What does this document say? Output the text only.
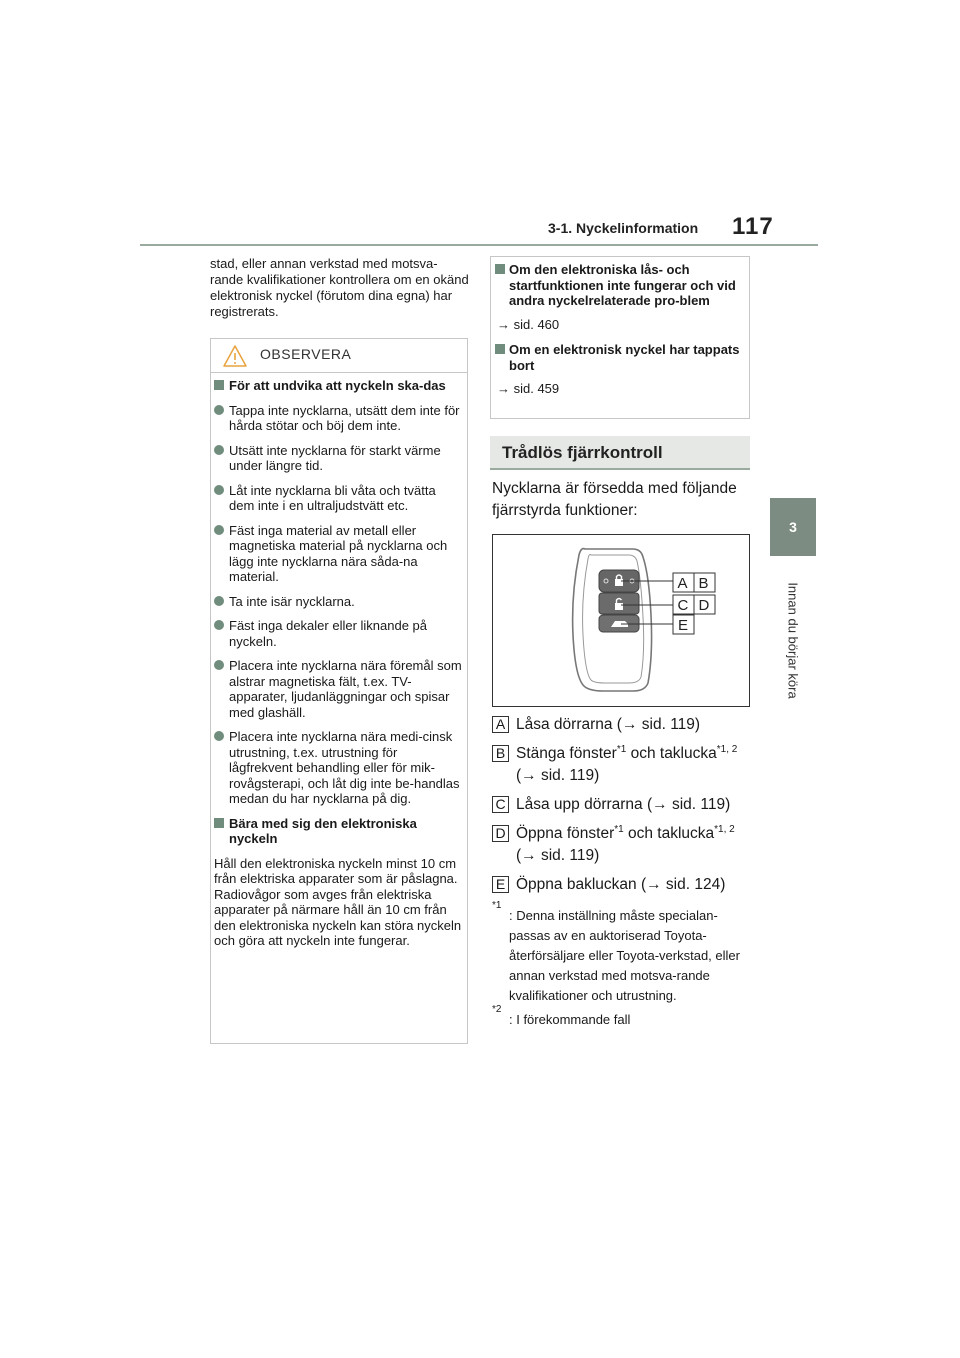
3-1. Nyckelinformation 117
3
Innan du börjar köra
stad, eller annan verkstad med motsva-rande kvalifikationer kontrollera om en okänd elektronisk nyckel (förutom dina egna) har registrerats.
OBSERVERA
För att undvika att nyckeln ska-das
Tappa inte nycklarna, utsätt dem inte för hårda stötar och böj dem inte.
Utsätt inte nycklarna för starkt värme under längre tid.
Låt inte nycklarna bli våta och tvätta dem inte i en ultraljudstvätt etc.
Fäst inga material av metall eller magnetiska material på nycklarna och lägg inte nycklarna nära såda-na material.
Ta inte isär nycklarna.
Fäst inga dekaler eller liknande på nyckeln.
Placera inte nycklarna nära föremål som alstrar magnetiska fält, t.ex. TV-apparater, ljudanläggningar och spisar med glashäll.
Placera inte nycklarna nära medi-cinsk utrustning, t.ex. utrustning för lågfrekvent behandling eller för mik-rovågsterapi, och låt dig inte be-handlas medan du har nycklarna på dig.
Bära med sig den elektroniska nyckeln
Håll den elektroniska nyckeln minst 10 cm från elektriska apparater som är påslagna. Radiovågor som avges från elektriska apparater på närmare håll än 10 cm från den elektroniska nyckeln kan störa nyckeln och göra att nyckeln inte fungerar.
Om den elektroniska lås- och startfunktionen inte fungerar och vid andra nyckelrelaterade pro-blem
→ sid. 460
Om en elektronisk nyckel har tappats bort
→ sid. 459
Trådlös fjärrkontroll
Nycklarna är försedda med följande fjärrstyrda funktioner:
A B
C D
E
A Låsa dörrarna (→ sid. 119)
B Stänga fönster$^{*1}$ och taklucka$^{*1, 2}$
(→ sid. 119)
C Låsa upp dörrarna (→ sid. 119)
D Öppna fönster$^{*1}$ och taklucka$^{*1, 2}$
(→ sid. 119)
E Öppna bakluckan (→ sid. 124)
*1
: Denna inställning måste specialan-passas av en auktoriserad Toyota-återförsäljare eller Toyota-verkstad, eller annan verkstad med motsva-rande kvalifikationer och utrustning.
*2
: I förekommande fall
